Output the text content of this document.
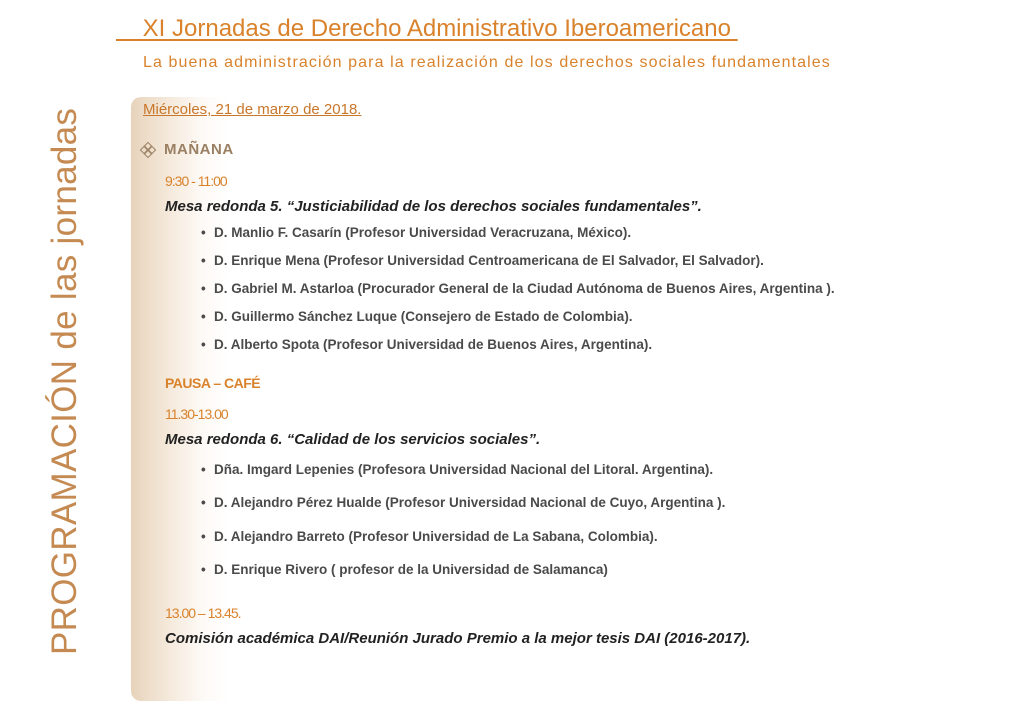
XI Jornadas de Derecho Administrativo Iberoamericano
La buena administración para la realización de los derechos sociales fundamentales
PROGRAMACIÓN de las jornadas	Miércoles, 21 de marzo de 2018.
MAÑANA
9:30 - 11:00
Mesa redonda 5. “Justiciabilidad de los derechos sociales fundamentales”.
• D. Manlio F. Casarín (Profesor Universidad Veracruzana, México).
• D. Enrique Mena (Profesor Universidad Centroamericana de El Salvador, El Salvador).
• D. Gabriel M. Astarloa (Procurador General de la Ciudad Autónoma de Buenos Aires, Argentina ).
• D. Guillermo Sánchez Luque (Consejero de Estado de Colombia).
• D. Alberto Spota (Profesor Universidad de Buenos Aires, Argentina).
PAUSA – CAFÉ
11.30-13.00
Mesa redonda 6. “Calidad de los servicios sociales”.
• Dña. Imgard Lepenies (Profesora Universidad Nacional del Litoral. Argentina).
• D. Alejandro Pérez Hualde (Profesor Universidad Nacional de Cuyo, Argentina ).
• D. Alejandro Barreto (Profesor Universidad de La Sabana, Colombia).
• D. Enrique Rivero ( profesor de la Universidad de Salamanca)
13.00 – 13.45.
Comisión académica DAI/Reunión Jurado Premio a la mejor tesis DAI (2016-2017).
